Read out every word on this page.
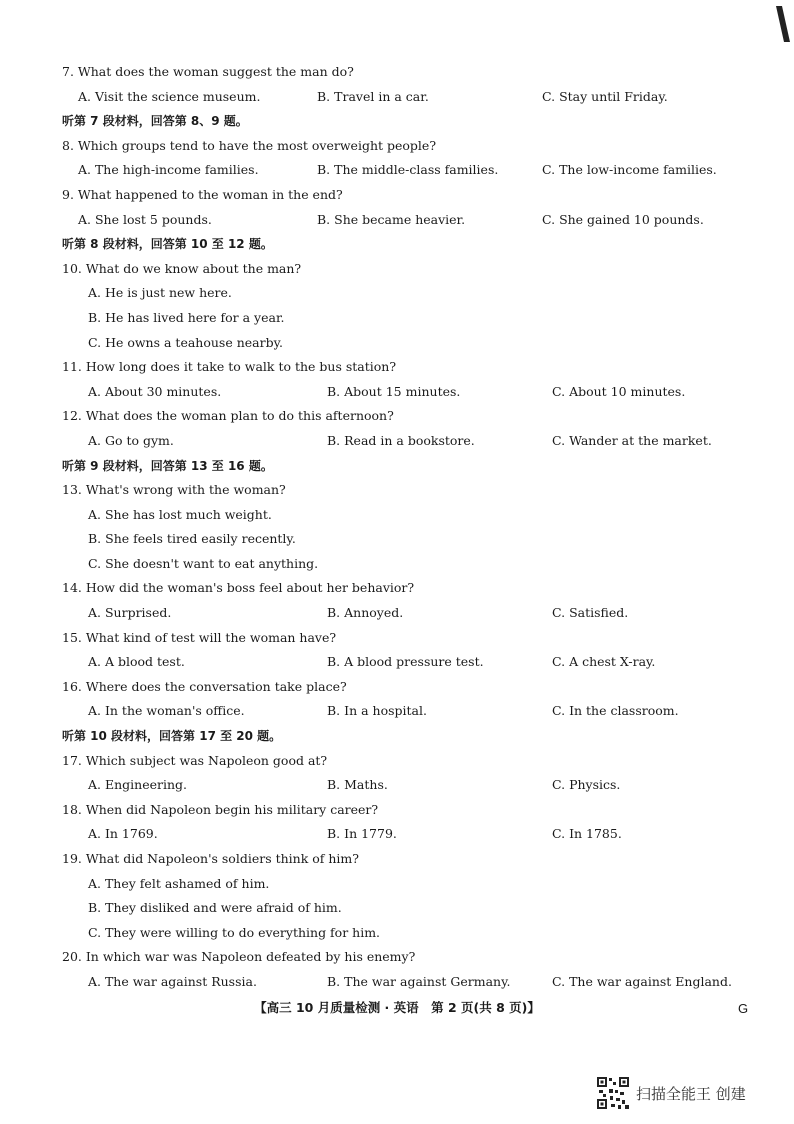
7. What does the woman suggest the man do?
A. Visit the science museum.	B. Travel in a car.	C. Stay until Friday.
听第 7 段材料，回答第 8、9 题。
8. Which groups tend to have the most overweight people?
A. The high-income families.	B. The middle-class families.	C. The low-income families.
9. What happened to the woman in the end?
A. She lost 5 pounds.	B. She became heavier.	C. She gained 10 pounds.
听第 8 段材料，回答第 10 至 12 题。
10. What do we know about the man?
A. He is just new here.
B. He has lived here for a year.
C. He owns a teahouse nearby.
11. How long does it take to walk to the bus station?
A. About 30 minutes.	B. About 15 minutes.	C. About 10 minutes.
12. What does the woman plan to do this afternoon?
A. Go to gym.	B. Read in a bookstore.	C. Wander at the market.
听第 9 段材料，回答第 13 至 16 题。
13. What's wrong with the woman?
A. She has lost much weight.
B. She feels tired easily recently.
C. She doesn't want to eat anything.
14. How did the woman's boss feel about her behavior?
A. Surprised.	B. Annoyed.	C. Satisfied.
15. What kind of test will the woman have?
A. A blood test.	B. A blood pressure test.	C. A chest X-ray.
16. Where does the conversation take place?
A. In the woman's office.	B. In a hospital.	C. In the classroom.
听第 10 段材料，回答第 17 至 20 题。
17. Which subject was Napoleon good at?
A. Engineering.	B. Maths.	C. Physics.
18. When did Napoleon begin his military career?
A. In 1769.	B. In 1779.	C. In 1785.
19. What did Napoleon's soldiers think of him?
A. They felt ashamed of him.
B. They disliked and were afraid of him.
C. They were willing to do everything for him.
20. In which war was Napoleon defeated by his enemy?
A. The war against Russia.	B. The war against Germany.	C. The war against England.
【高三 10 月质量检测 · 英语　第 2 页(共 8 页)】	G
扫描全能王 创建
